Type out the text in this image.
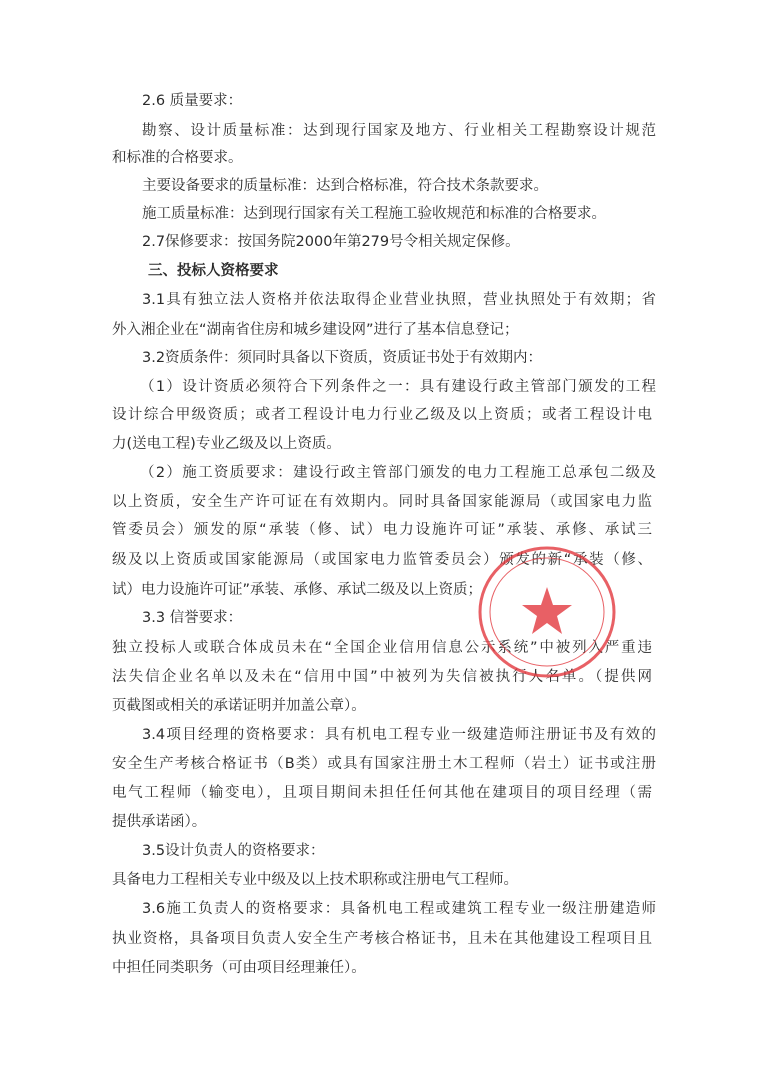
2.6 质量要求：
勘察、设计质量标准：达到现行国家及地方、行业相关工程勘察设计规范
和标准的合格要求。
主要设备要求的质量标准：达到合格标准，符合技术条款要求。
施工质量标准：达到现行国家有关工程施工验收规范和标准的合格要求。
2.7保修要求：按国务院2000年第279号令相关规定保修。
三、投标人资格要求
3.1具有独立法人资格并依法取得企业营业执照，营业执照处于有效期；省
外入湘企业在“湖南省住房和城乡建设网”进行了基本信息登记；
3.2资质条件：须同时具备以下资质，资质证书处于有效期内：
（1）设计资质必须符合下列条件之一：具有建设行政主管部门颁发的工程
设计综合甲级资质；或者工程设计电力行业乙级及以上资质；或者工程设计电
力(送电工程)专业乙级及以上资质。
（2）施工资质要求：建设行政主管部门颁发的电力工程施工总承包二级及
以上资质，安全生产许可证在有效期内。同时具备国家能源局（或国家电力监
管委员会）颁发的原“承装（修、试）电力设施许可证”承装、承修、承试三
级及以上资质或国家能源局（或国家电力监管委员会）颁发的新“承装（修、
试）电力设施许可证”承装、承修、承试二级及以上资质；
3.3 信誉要求：
独立投标人或联合体成员未在“全国企业信用信息公示系统”中被列入严重违
法失信企业名单以及未在“信用中国”中被列为失信被执行人名单。（提供网
页截图或相关的承诺证明并加盖公章）。
3.4项目经理的资格要求：具有机电工程专业一级建造师注册证书及有效的
安全生产考核合格证书（B类）或具有国家注册土木工程师（岩土）证书或注册
电气工程师（输变电），且项目期间未担任任何其他在建项目的项目经理（需
提供承诺函）。
3.5设计负责人的资格要求：
具备电力工程相关专业中级及以上技术职称或注册电气工程师。
3.6施工负责人的资格要求：具备机电工程或建筑工程专业一级注册建造师
执业资格，具备项目负责人安全生产考核合格证书，且未在其他建设工程项目且
中担任同类职务（可由项目经理兼任）。
